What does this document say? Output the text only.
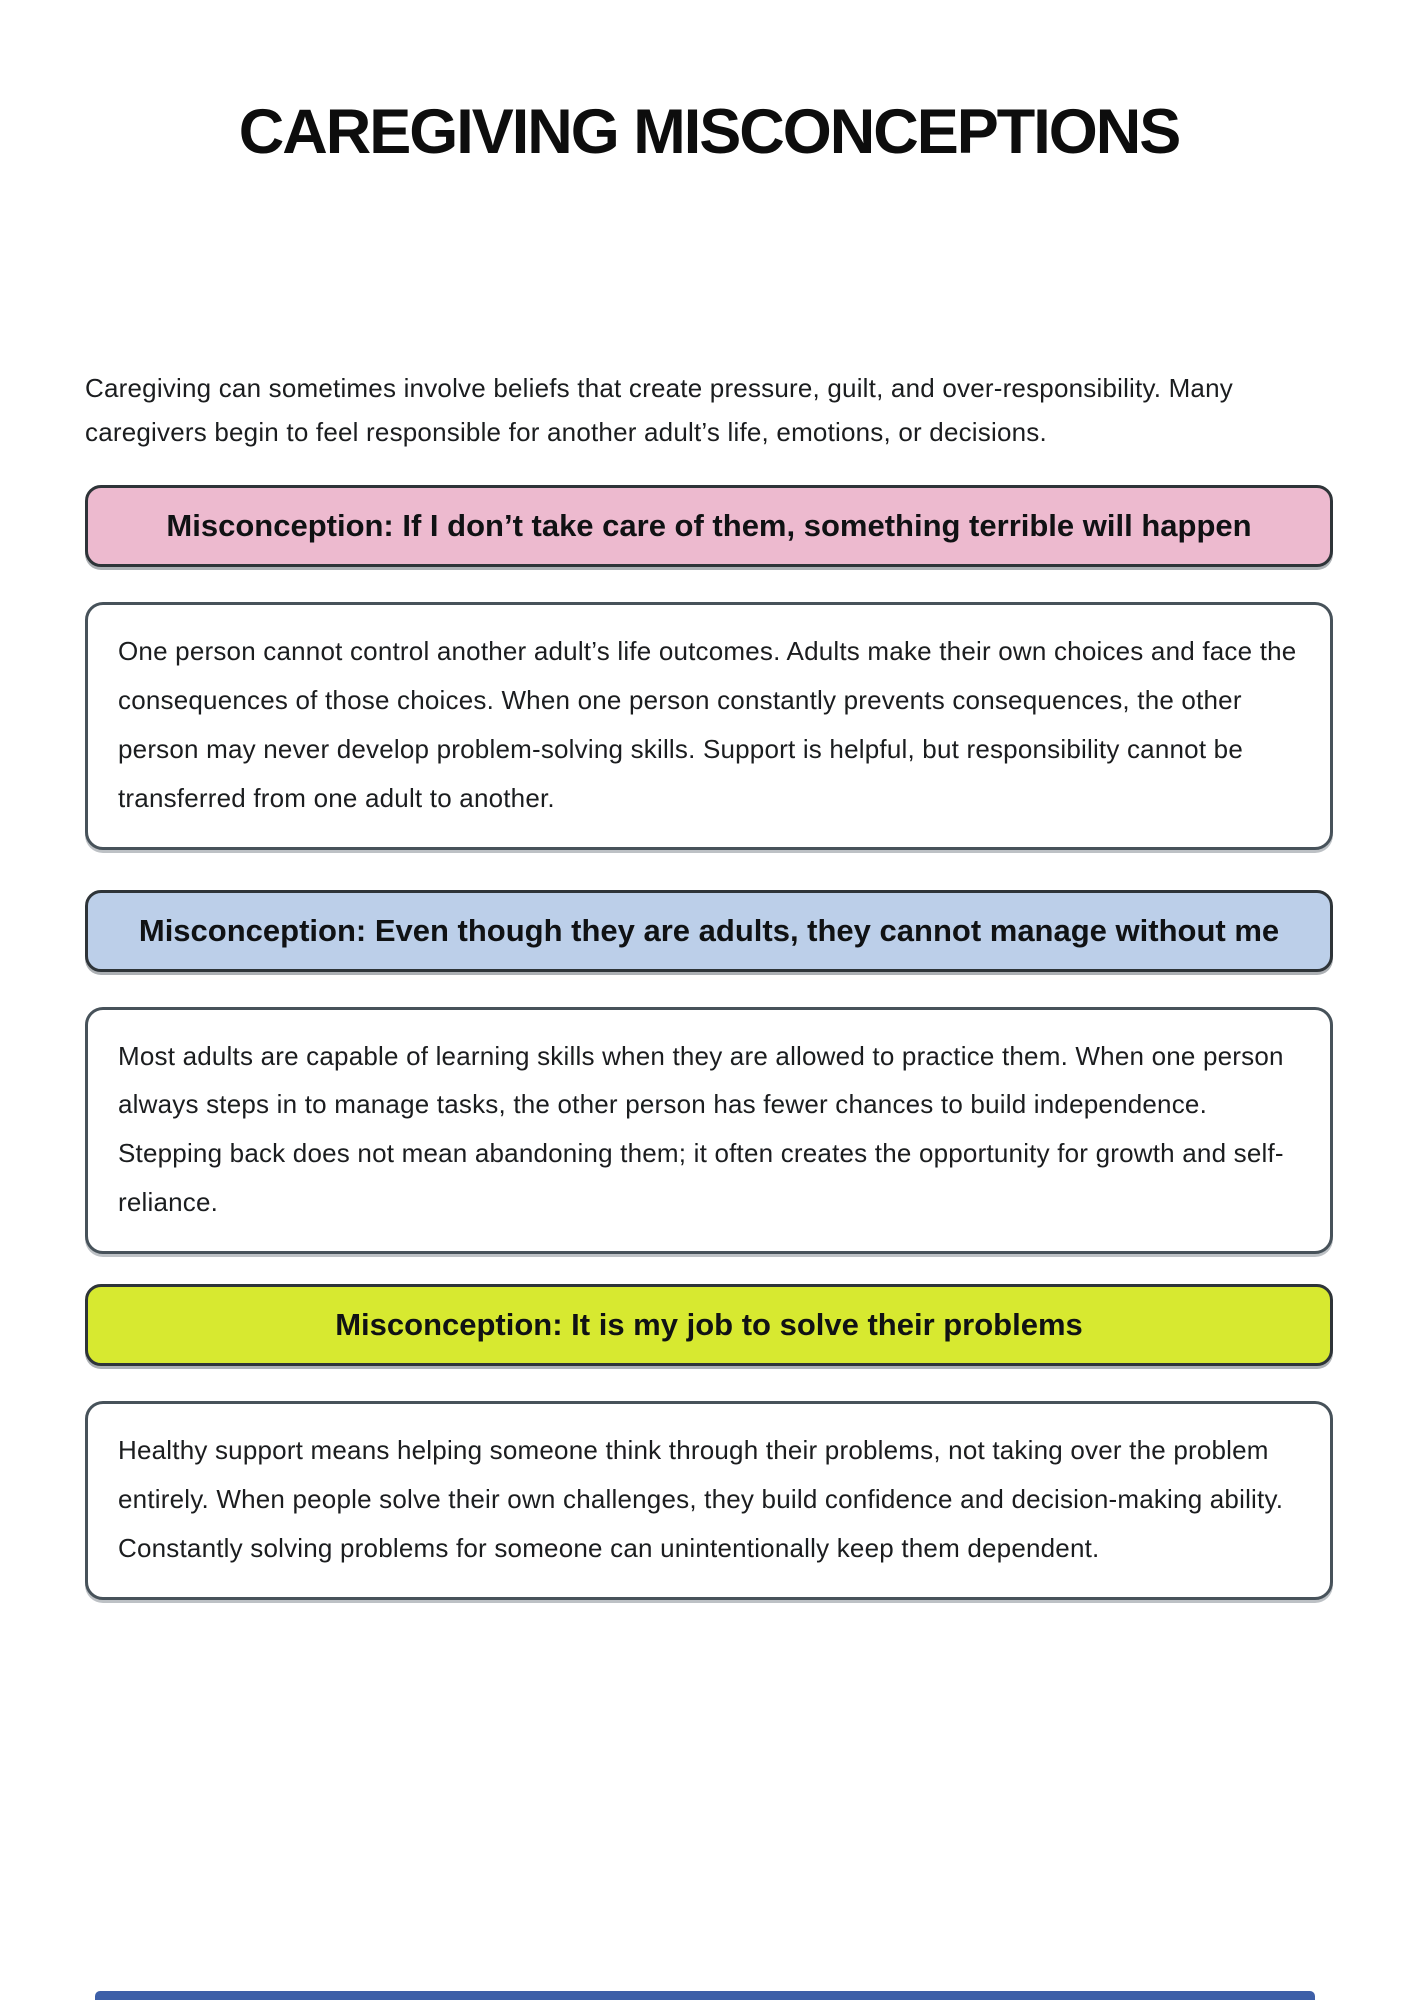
CAREGIVING MISCONCEPTIONS

Caregiving can sometimes involve beliefs that create pressure, guilt, and over-responsibility. Many caregivers begin to feel responsible for another adult’s life, emotions, or decisions.

Misconception: If I don’t take care of them, something terrible will happen
One person cannot control another adult’s life outcomes. Adults make their own choices and face the consequences of those choices. When one person constantly prevents consequences, the other person may never develop problem-solving skills. Support is helpful, but responsibility cannot be transferred from one adult to another.
Misconception: Even though they are adults, they cannot manage without me
Most adults are capable of learning skills when they are allowed to practice them. When one person always steps in to manage tasks, the other person has fewer chances to build independence. Stepping back does not mean abandoning them; it often creates the opportunity for growth and self-reliance.
Misconception: It is my job to solve their problems
Healthy support means helping someone think through their problems, not taking over the problem entirely. When people solve their own challenges, they build confidence and decision-making ability. Constantly solving problems for someone can unintentionally keep them dependent.
